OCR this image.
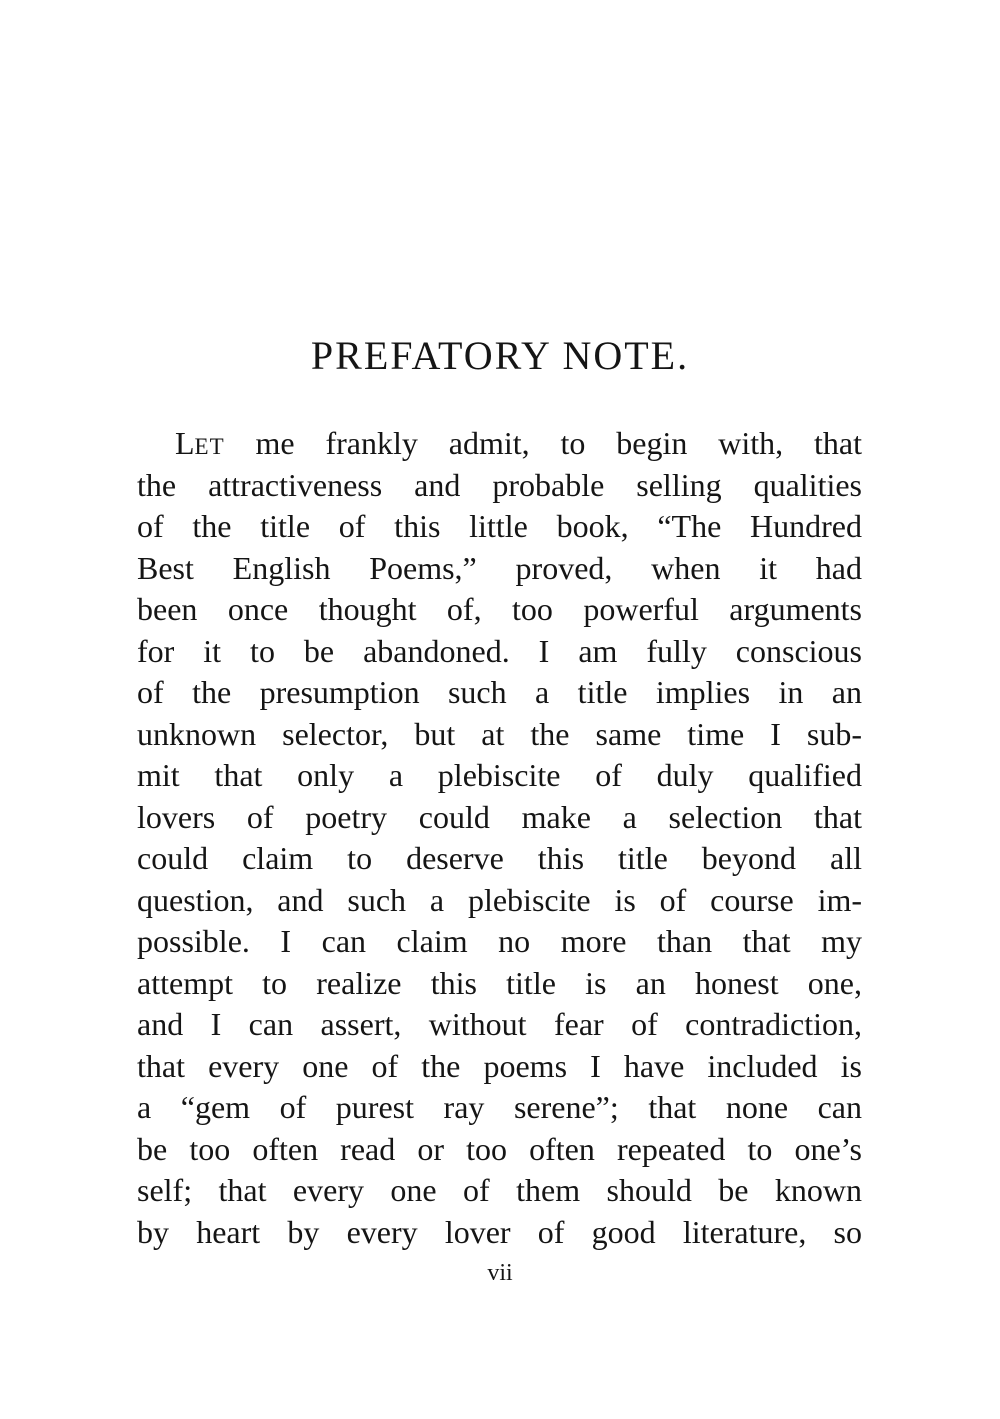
PREFATORY NOTE.
LET me frankly admit, to begin with, that
the attractiveness and probable selling qualities
of the title of this little book, “The Hundred
Best English Poems,” proved, when it had
been once thought of, too powerful arguments
for it to be abandoned. I am fully conscious
of the presumption such a title implies in an
unknown selector, but at the same time I sub-
mit that only a plebiscite of duly qualified
lovers of poetry could make a selection that
could claim to deserve this title beyond all
question, and such a plebiscite is of course im-
possible. I can claim no more than that my
attempt to realize this title is an honest one,
and I can assert, without fear of contradiction,
that every one of the poems I have included is
a “gem of purest ray serene”; that none can
be too often read or too often repeated to one’s
self; that every one of them should be known
by heart by every lover of good literature, so
vii
